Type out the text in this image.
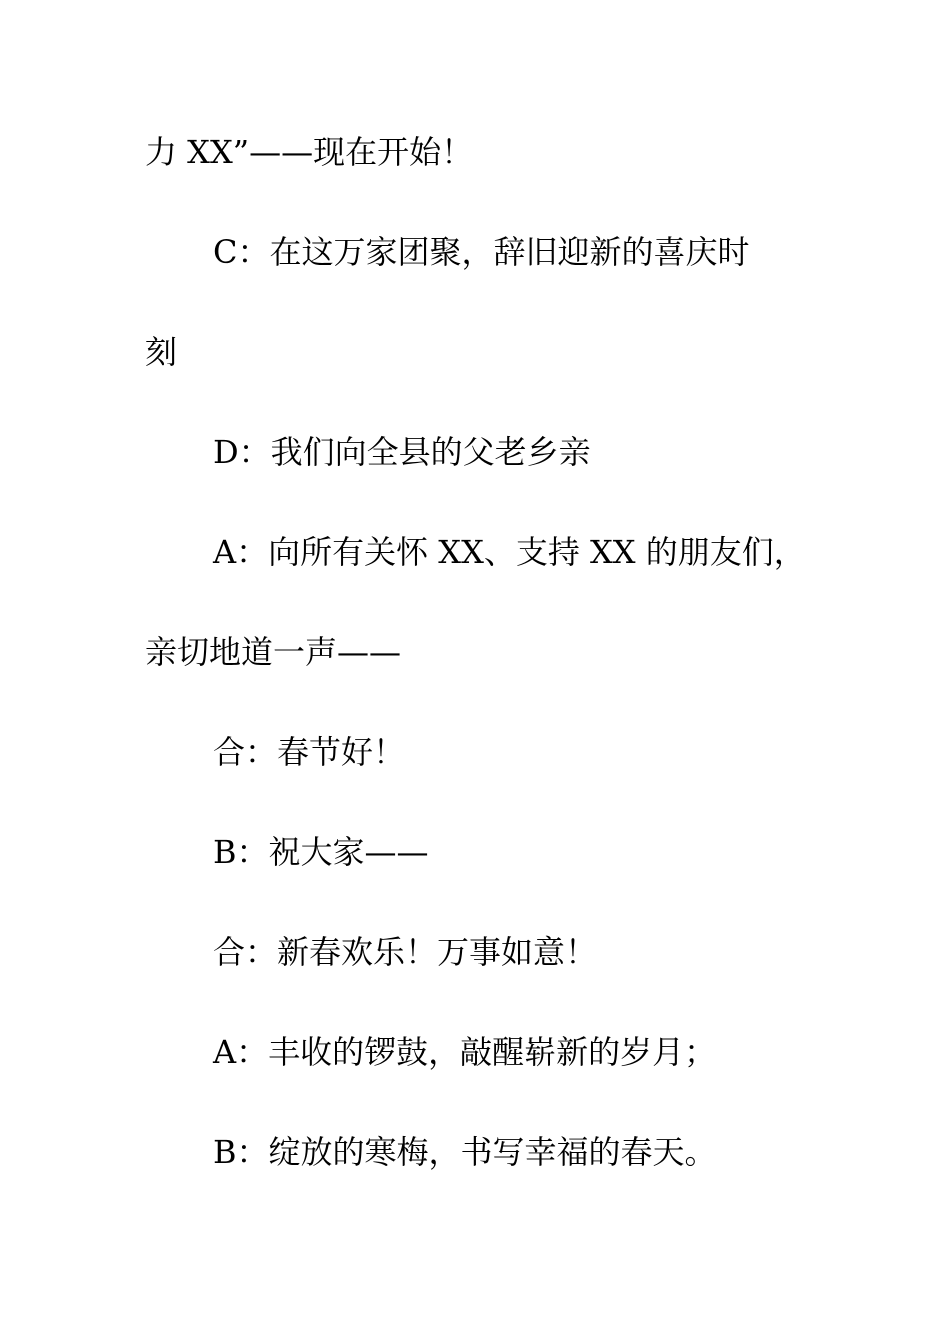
力 XX”——现在开始！
C：在这万家团聚，辞旧迎新的喜庆时
刻
D：我们向全县的父老乡亲
A：向所有关怀 XX、支持 XX 的朋友们，
亲切地道一声——
合：春节好！
B：祝大家——
合：新春欢乐！万事如意！
A：丰收的锣鼓，敲醒崭新的岁月；
B：绽放的寒梅，书写幸福的春天。
